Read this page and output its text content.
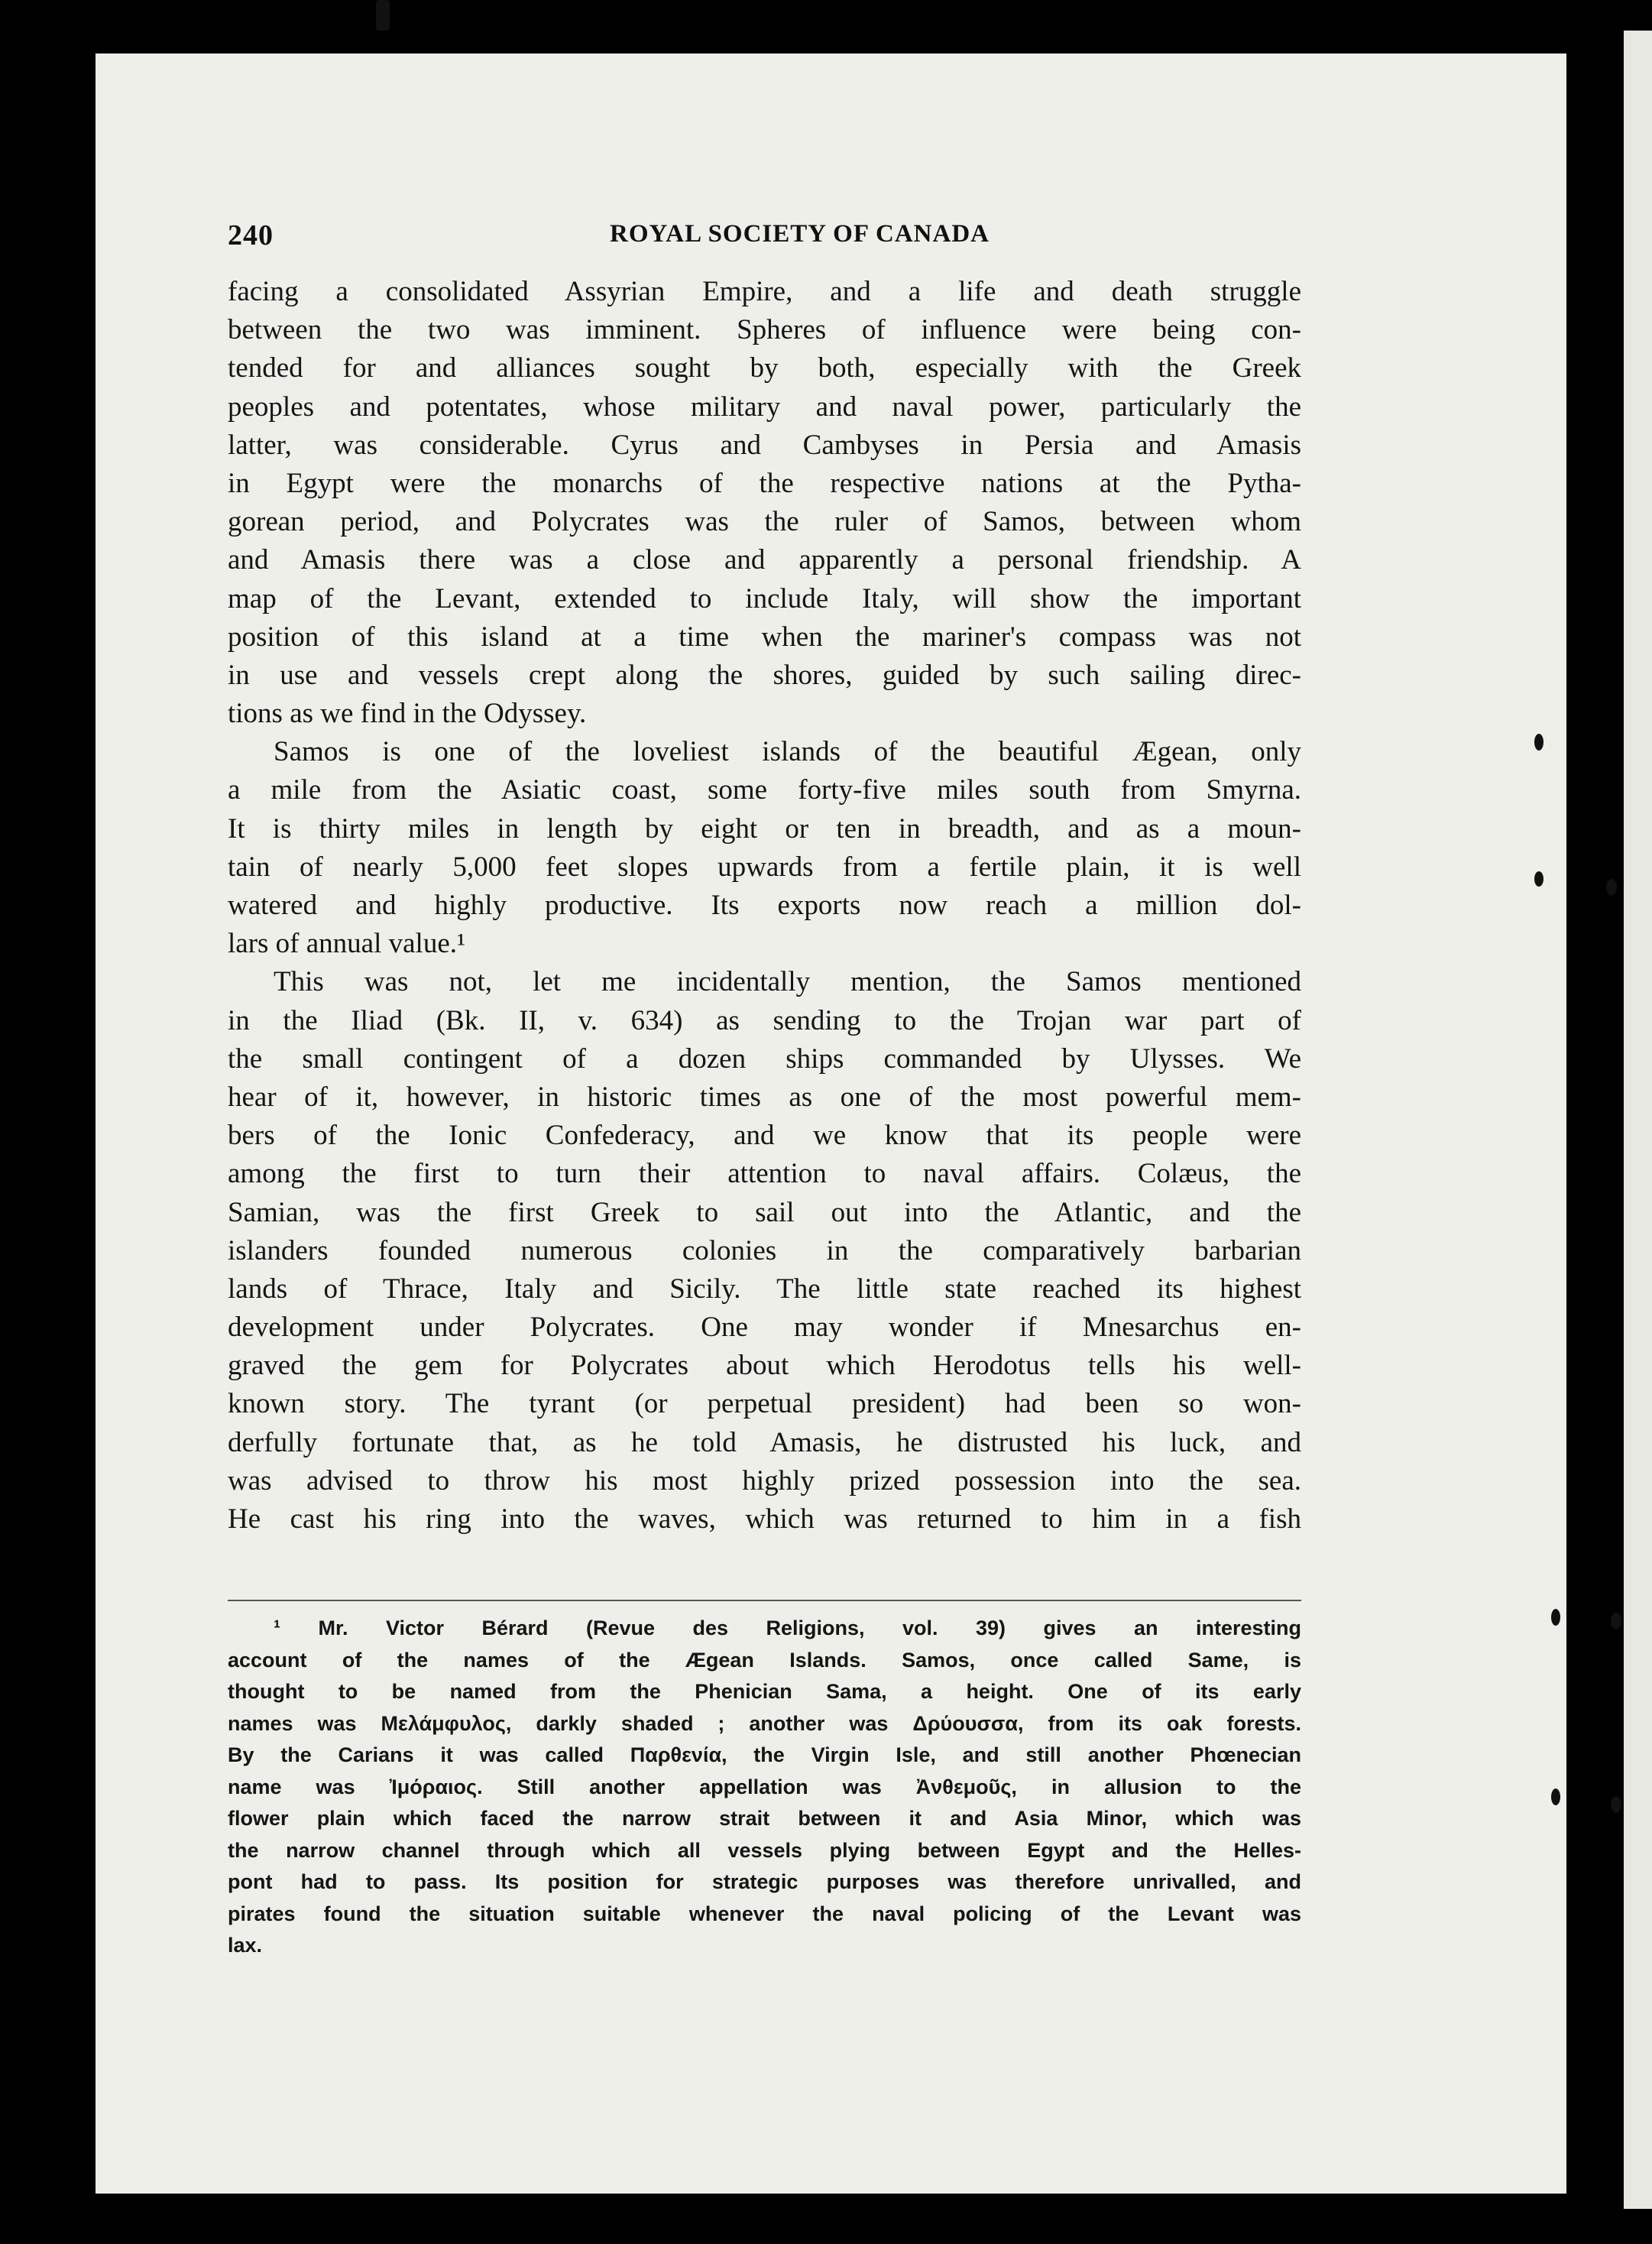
240	ROYAL SOCIETY OF CANADA
facing a consolidated Assyrian Empire, and a life and death struggle
between the two was imminent. Spheres of influence were being con-
tended for and alliances sought by both, especially with the Greek
peoples and potentates, whose military and naval power, particularly the
latter, was considerable. Cyrus and Cambyses in Persia and Amasis
in Egypt were the monarchs of the respective nations at the Pytha-
gorean period, and Polycrates was the ruler of Samos, between whom
and Amasis there was a close and apparently a personal friendship. A
map of the Levant, extended to include Italy, will show the important
position of this island at a time when the mariner's compass was not
in use and vessels crept along the shores, guided by such sailing direc-
tions as we find in the Odyssey.
Samos is one of the loveliest islands of the beautiful Ægean, only
a mile from the Asiatic coast, some forty-five miles south from Smyrna.
It is thirty miles in length by eight or ten in breadth, and as a moun-
tain of nearly 5,000 feet slopes upwards from a fertile plain, it is well
watered and highly productive. Its exports now reach a million dol-
lars of annual value.¹
This was not, let me incidentally mention, the Samos mentioned
in the Iliad (Bk. II, v. 634) as sending to the Trojan war part of
the small contingent of a dozen ships commanded by Ulysses. We
hear of it, however, in historic times as one of the most powerful mem-
bers of the Ionic Confederacy, and we know that its people were
among the first to turn their attention to naval affairs. Colæus, the
Samian, was the first Greek to sail out into the Atlantic, and the
islanders founded numerous colonies in the comparatively barbarian
lands of Thrace, Italy and Sicily. The little state reached its highest
development under Polycrates. One may wonder if Mnesarchus en-
graved the gem for Polycrates about which Herodotus tells his well-
known story. The tyrant (or perpetual president) had been so won-
derfully fortunate that, as he told Amasis, he distrusted his luck, and
was advised to throw his most highly prized possession into the sea.
He cast his ring into the waves, which was returned to him in a fish
¹ Mr. Victor Bérard (Revue des Religions, vol. 39) gives an interesting
account of the names of the Ægean Islands. Samos, once called Same, is
thought to be named from the Phenician Sama, a height. One of its early
names was Μελάμφυλος, darkly shaded ; another was Δρύουσσα, from its oak forests.
By the Carians it was called Παρθενία, the Virgin Isle, and still another Phœnecian
name was Ἰμόραιος. Still another appellation was Ἀνθεμοῦς, in allusion to the
flower plain which faced the narrow strait between it and Asia Minor, which was
the narrow channel through which all vessels plying between Egypt and the Helles-
pont had to pass. Its position for strategic purposes was therefore unrivalled, and
pirates found the situation suitable whenever the naval policing of the Levant was
lax.
